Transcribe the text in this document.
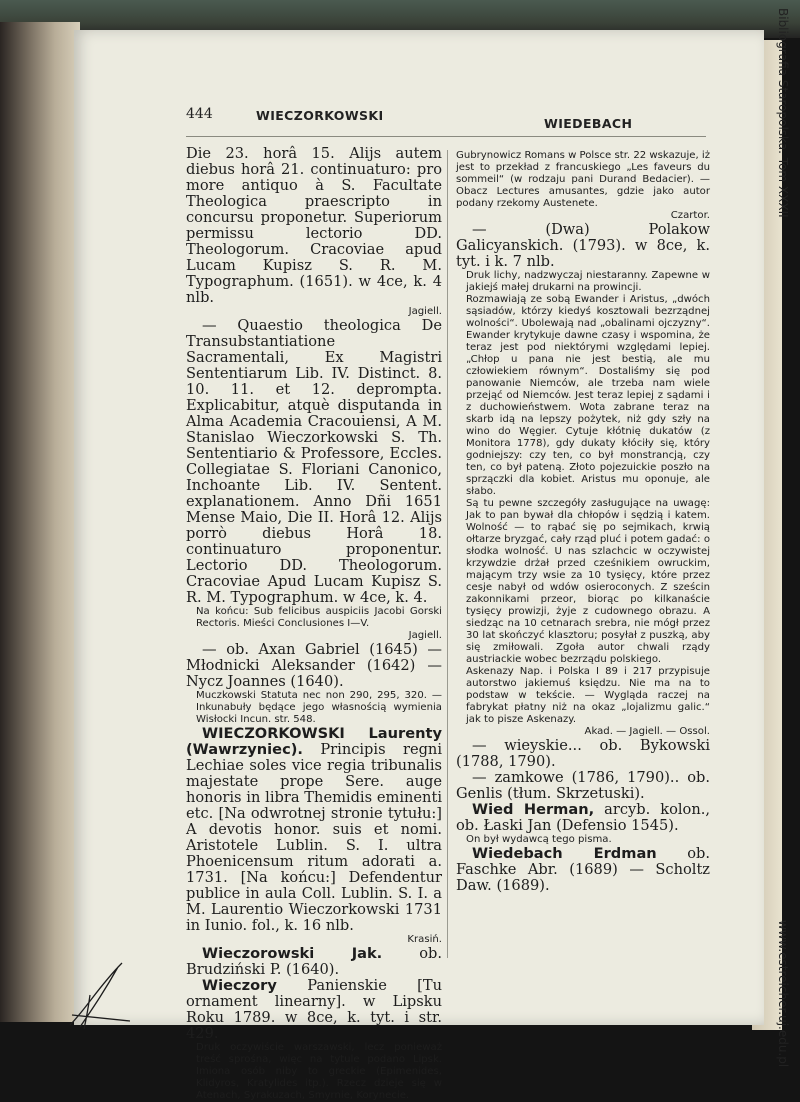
Bibliografia Staropolska. Tom XXXII
www.estreicher.uj.edu.pl
444	WIECZORKOWSKI
WIEDEBACH

Die 23. horâ 15. Alijs autem diebus horâ 21. continuaturo: pro more antiquo à S. Facultate Theologica praescripto in concursu proponetur. Superiorum permissu lectorio DD. Theologorum. Cracoviae apud Lucam Kupisz S. R. M. Typographum. (1651). w 4ce, k. 4 nlb.

Jagiell.

— Quaestio theologica De Transubstantiatione Sacramentali, Ex Magistri Sententiarum Lib. IV. Distinct. 8. 10. 11. et 12. deprompta. Explicabitur, atquè disputanda in Alma Academia Cracouiensi, A M. Stanislao Wieczorkowski S. Th. Sententiario & Professore, Eccles. Collegiatae S. Floriani Canonico, Inchoante Lib. IV. Sentent. explanationem. Anno Dñi 1651 Mense Maio, Die II. Horâ 12. Alijs porrò diebus Horâ 18. continuaturo proponentur. Lectorio DD. Theologorum. Cracoviae Apud Lucam Kupisz S. R. M. Typographum. w 4ce, k. 4.

Na końcu: Sub felicibus auspiciis Jacobi Gorski Rectoris. Mieści Conclusiones I—V.

Jagiell.

— ob. Axan Gabriel (1645) — Młodnicki Aleksander (1642) — Nycz Joannes (1640).

Muczkowski Statuta nec non 290, 295, 320. — Inkunabuły będące jego własnością wymienia Wisłocki Incun. str. 548.

WIECZORKOWSKI Laurenty (Wawrzyniec). Principis regni Lechiae soles vice regia tribunalis majestate prope Sere. auge honoris in libra Themidis eminenti etc. [Na odwrotnej stronie tytułu:] A devotis honor. suis et nomi. Aristotele Lublin. S. I. ultra Phoenicensum ritum adorati a. 1731. [Na końcu:] Defendentur publice in aula Coll. Lublin. S. I. a M. Laurentio Wieczorkowski 1731 in Iunio. fol., k. 16 nlb.

Krasiń.

Wieczorowski Jak.	ob. Brudziński P. (1640).

Wieczory Panienskie [Tu ornament linearny]. w Lipsku Roku 1789. w 8ce, k. tyt. i str. 429.

Druk oczywiście warszawski, lecz ponieważ treść sprośna, więc na tytule podano Lipsk. Imiona osób niby to greckie (Epimenides, Klidyros, Kratylides itp.). Rzecz dzieje się w Atenach, Syrakuzach, Smyrnie, Korynecie.

Gubrynowicz Romans w Polsce str. 22 wskazuje, iż jest to przekład z francuskiego „Les faveurs du sommeil“ (w rodzaju pani Durand Bedacier). — Obacz Lectures amusantes, gdzie jako autor podany rzekomy Austenete.

Czartor.

— (Dwa) Polakow Galicyanskich. (1793). w 8ce, k. tyt. i k. 7 nlb.

Druk lichy, nadzwyczaj niestaranny. Zapewne w jakiejś małej drukarni na prowincji.

Rozmawiają ze sobą Ewander i Aristus, „dwóch sąsiadów, którzy kiedyś kosztowali bezrządnej wolności“. Ubolewają nad „obalinami ojczyzny“. Ewander krytykuje dawne czasy i wspomina, że teraz jest pod niektórymi względami lepiej. „Chłop u pana nie jest bestią, ale mu człowiekiem równym“. Dostaliśmy się pod panowanie Niemców, ale trzeba nam wiele przejąć od Niemców. Jest teraz lepiej z sądami i z duchowieństwem. Wota zabrane teraz na skarb idą na lepszy pożytek, niż gdy szły na wino do Węgier. Cytuje kłótnię dukatów (z Monitora 1778), gdy dukaty kłóciły się, który godniejszy: czy ten, co był monstrancją, czy ten, co był pateną. Złoto pojezuickie poszło na sprzączki dla kobiet. Aristus mu oponuje, ale słabo.

Są tu pewne szczegóły zasługujące na uwagę: Jak to pan bywał dla chłopów i sędzią i katem. Wolność — to rąbać się po sejmikach, krwią ołtarze bryzgać, cały rząd pluć i potem gadać: o słodka wolność. U nas szlachcic w oczywistej krzywdzie drżał przed cześnikiem owruckim, mającym trzy wsie za 10 tysięcy, które przez cesje nabył od wdów osieroconych. Z sześcin zakonnikami przeor, biorąc po kilkanaście tysięcy prowizji, żyje z cudownego obrazu. A siedząc na 10 cetnarach srebra, nie mógł przez 30 lat skończyć klasztoru; posyłał z puszką, aby się zmiłowali. Zgoła autor chwali rządy austriackie wobec bezrządu polskiego.

Askenazy Nap. i Polska I 89 i 217 przypisuje autorstwo jakiemuś księdzu. Nie ma na to podstaw w tekście. — Wygląda raczej na fabrykat płatny niż na okaz „lojalizmu galic.“ jak to pisze Askenazy.

Akad. — Jagiell. — Ossol.

— wieyskie... ob. Bykowski (1788, 1790).

— zamkowe (1786, 1790).. ob. Genlis (tłum. Skrzetuski).

Wied Herman, arcyb. kolon., ob. Łaski Jan (Defensio 1545).

On był wydawcą tego pisma.

Wiedebach Erdman ob. Faschke Abr. (1689) — Scholtz Daw. (1689).
